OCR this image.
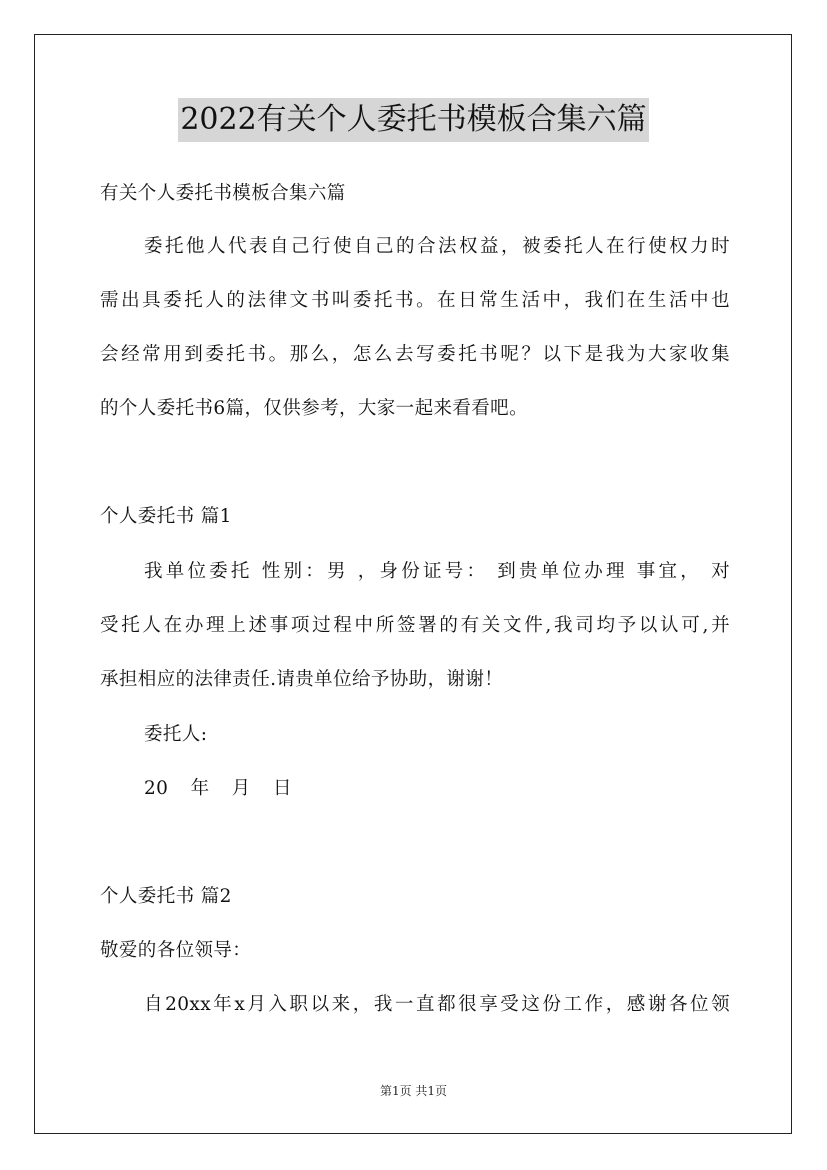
2022有关个人委托书模板合集六篇
有关个人委托书模板合集六篇
委托他人代表自己行使自己的合法权益，被委托人在行使权力时
需出具委托人的法律文书叫委托书。在日常生活中，我们在生活中也
会经常用到委托书。那么，怎么去写委托书呢？以下是我为大家收集
的个人委托书6篇，仅供参考，大家一起来看看吧。
个人委托书 篇1
我单位委托 性别：男 ，身份证号： 到贵单位办理 事宜， 对
受托人在办理上述事项过程中所签署的有关文件,我司均予以认可,并
承担相应的法律责任.请贵单位给予协助，谢谢！
委托人:
20 年 月 日
个人委托书 篇2
敬爱的各位领导：
自20xx年x月入职以来，我一直都很享受这份工作，感谢各位领
第1页 共1页
